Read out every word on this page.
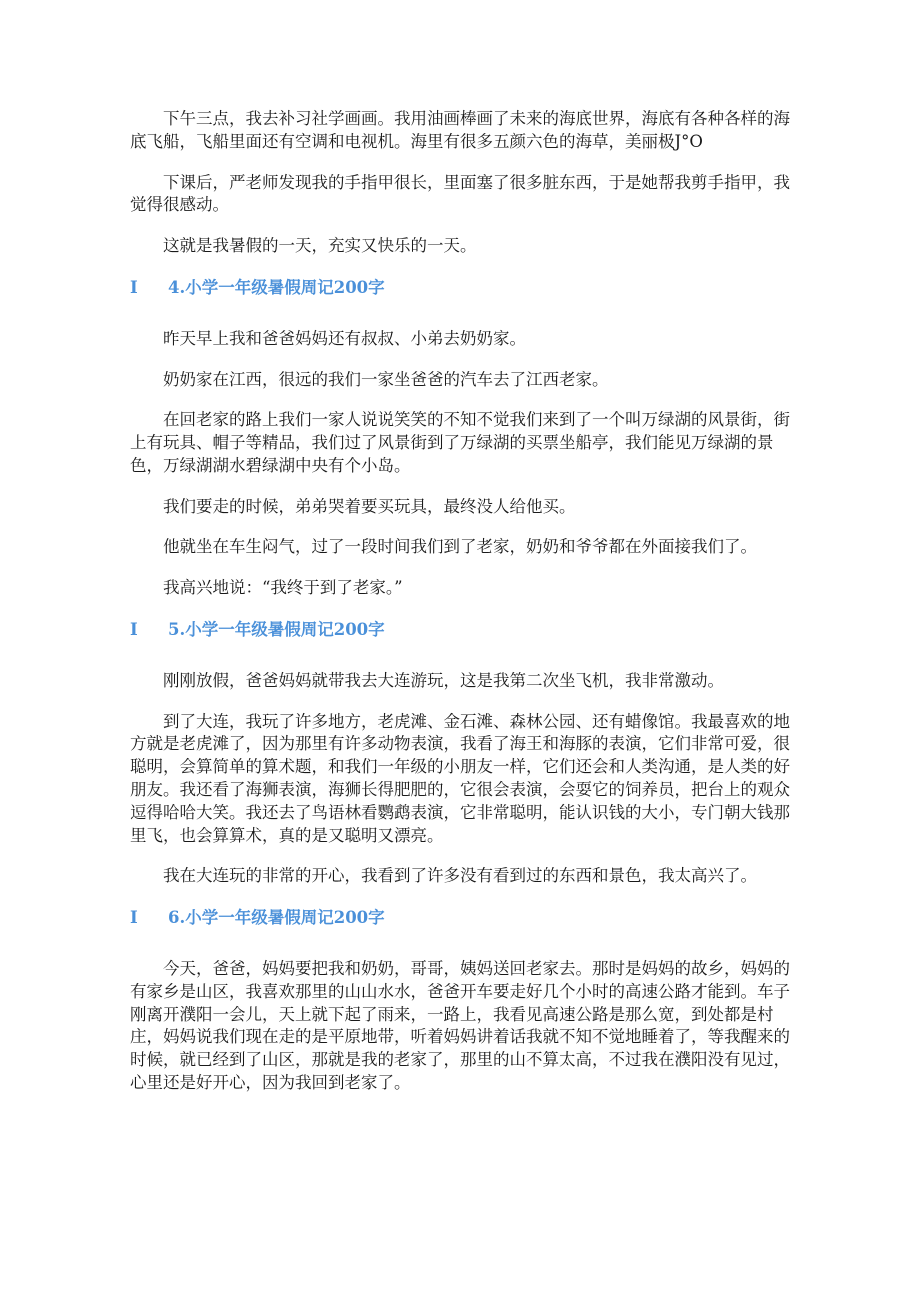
下午三点，我去补习社学画画。我用油画棒画了未来的海底世界，海底有各种各样的海底飞船，飞船里面还有空调和电视机。海里有很多五颜六色的海草，美丽极J°O

下课后，严老师发现我的手指甲很长，里面塞了很多脏东西，于是她帮我剪手指甲，我觉得很感动。

这就是我暑假的一天，充实又快乐的一天。

I 4.小学一年级暑假周记200字

昨天早上我和爸爸妈妈还有叔叔、小弟去奶奶家。

奶奶家在江西，很远的我们一家坐爸爸的汽车去了江西老家。

在回老家的路上我们一家人说说笑笑的不知不觉我们来到了一个叫万绿湖的风景街，街上有玩具、帽子等精品，我们过了风景街到了万绿湖的买票坐船亭，我们能见万绿湖的景色，万绿湖湖水碧绿湖中央有个小岛。

我们要走的时候，弟弟哭着要买玩具，最终没人给他买。

他就坐在车生闷气，过了一段时间我们到了老家，奶奶和爷爷都在外面接我们了。

我高兴地说：“我终于到了老家。”

I 5.小学一年级暑假周记200字

刚刚放假，爸爸妈妈就带我去大连游玩，这是我第二次坐飞机，我非常激动。

到了大连，我玩了许多地方，老虎滩、金石滩、森林公园、还有蜡像馆。我最喜欢的地方就是老虎滩了，因为那里有许多动物表演，我看了海王和海豚的表演，它们非常可爱，很聪明，会算简单的算术题，和我们一年级的小朋友一样，它们还会和人类沟通，是人类的好朋友。我还看了海狮表演，海狮长得肥肥的，它很会表演，会耍它的饲养员，把台上的观众逗得哈哈大笑。我还去了鸟语林看鹦鹉表演，它非常聪明，能认识钱的大小，专门朝大钱那里飞，也会算算术，真的是又聪明又漂亮。

我在大连玩的非常的开心，我看到了许多没有看到过的东西和景色，我太高兴了。

I 6.小学一年级暑假周记200字

今天，爸爸，妈妈要把我和奶奶，哥哥，姨妈送回老家去。那时是妈妈的故乡，妈妈的有家乡是山区，我喜欢那里的山山水水，爸爸开车要走好几个小时的高速公路才能到。车子刚离开濮阳一会儿，天上就下起了雨来，一路上，我看见高速公路是那么宽，到处都是村庄，妈妈说我们现在走的是平原地带，听着妈妈讲着话我就不知不觉地睡着了，等我醒来的时候，就已经到了山区，那就是我的老家了，那里的山不算太高，不过我在濮阳没有见过，心里还是好开心，因为我回到老家了。
